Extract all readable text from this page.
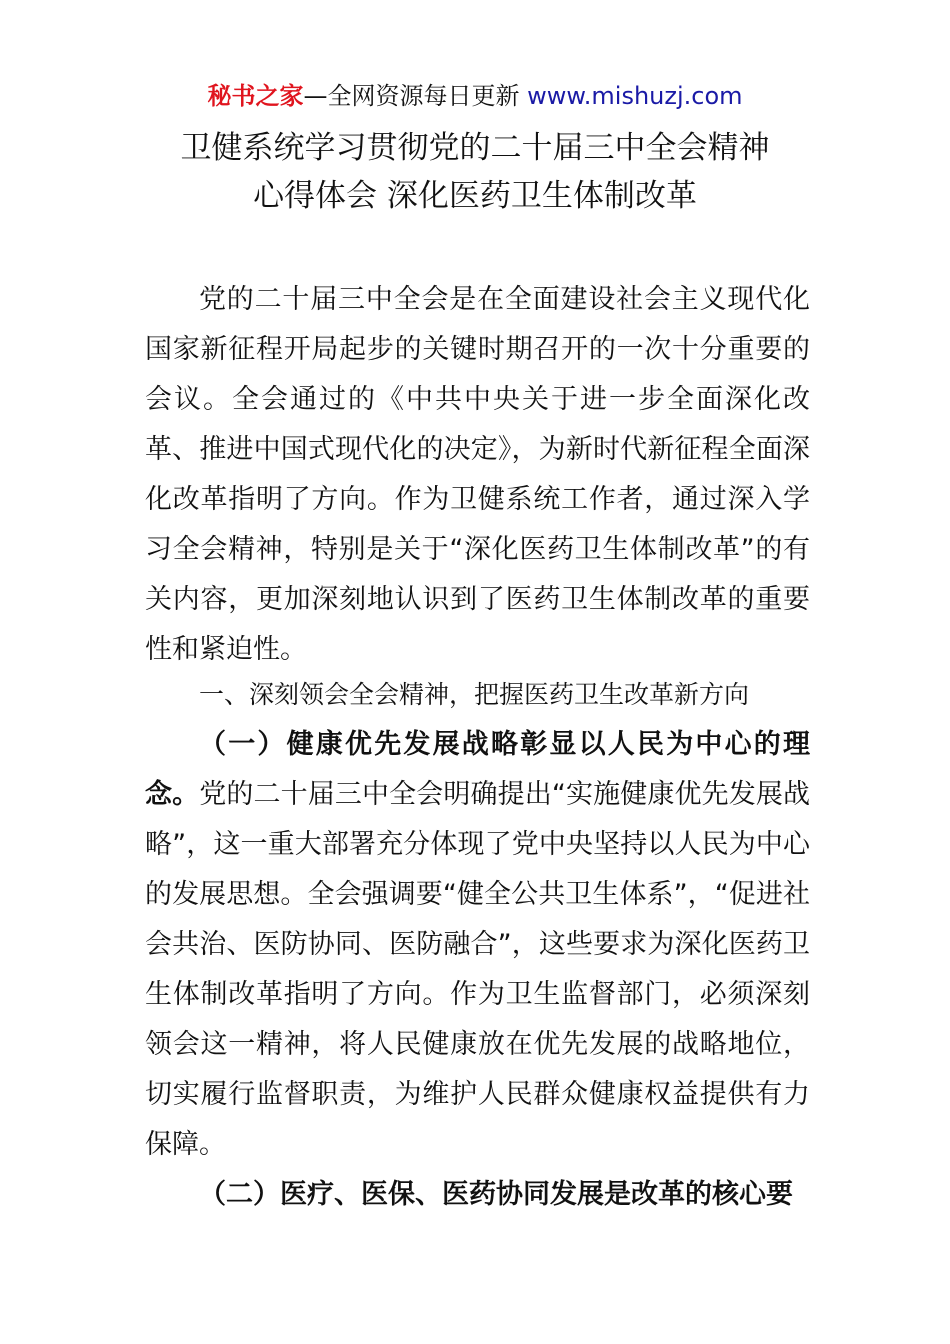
秘书之家—全网资源每日更新 www.mishuzj.com
卫健系统学习贯彻党的二十届三中全会精神
心得体会 深化医药卫生体制改革

党的二十届三中全会是在全面建设社会主义现代化国家新征程开局起步的关键时期召开的一次十分重要的会议。全会通过的《中共中央关于进一步全面深化改革、推进中国式现代化的决定》，为新时代新征程全面深化改革指明了方向。作为卫健系统工作者，通过深入学习全会精神，特别是关于“深化医药卫生体制改革”的有关内容，更加深刻地认识到了医药卫生体制改革的重要性和紧迫性。

一、深刻领会全会精神，把握医药卫生改革新方向

（一）健康优先发展战略彰显以人民为中心的理念。党的二十届三中全会明确提出“实施健康优先发展战略”，这一重大部署充分体现了党中央坚持以人民为中心的发展思想。全会强调要“健全公共卫生体系”，“促进社会共治、医防协同、医防融合”，这些要求为深化医药卫生体制改革指明了方向。作为卫生监督部门，必须深刻领会这一精神，将人民健康放在优先发展的战略地位，切实履行监督职责，为维护人民群众健康权益提供有力保障。

（二）医疗、医保、医药协同发展是改革的核心要
